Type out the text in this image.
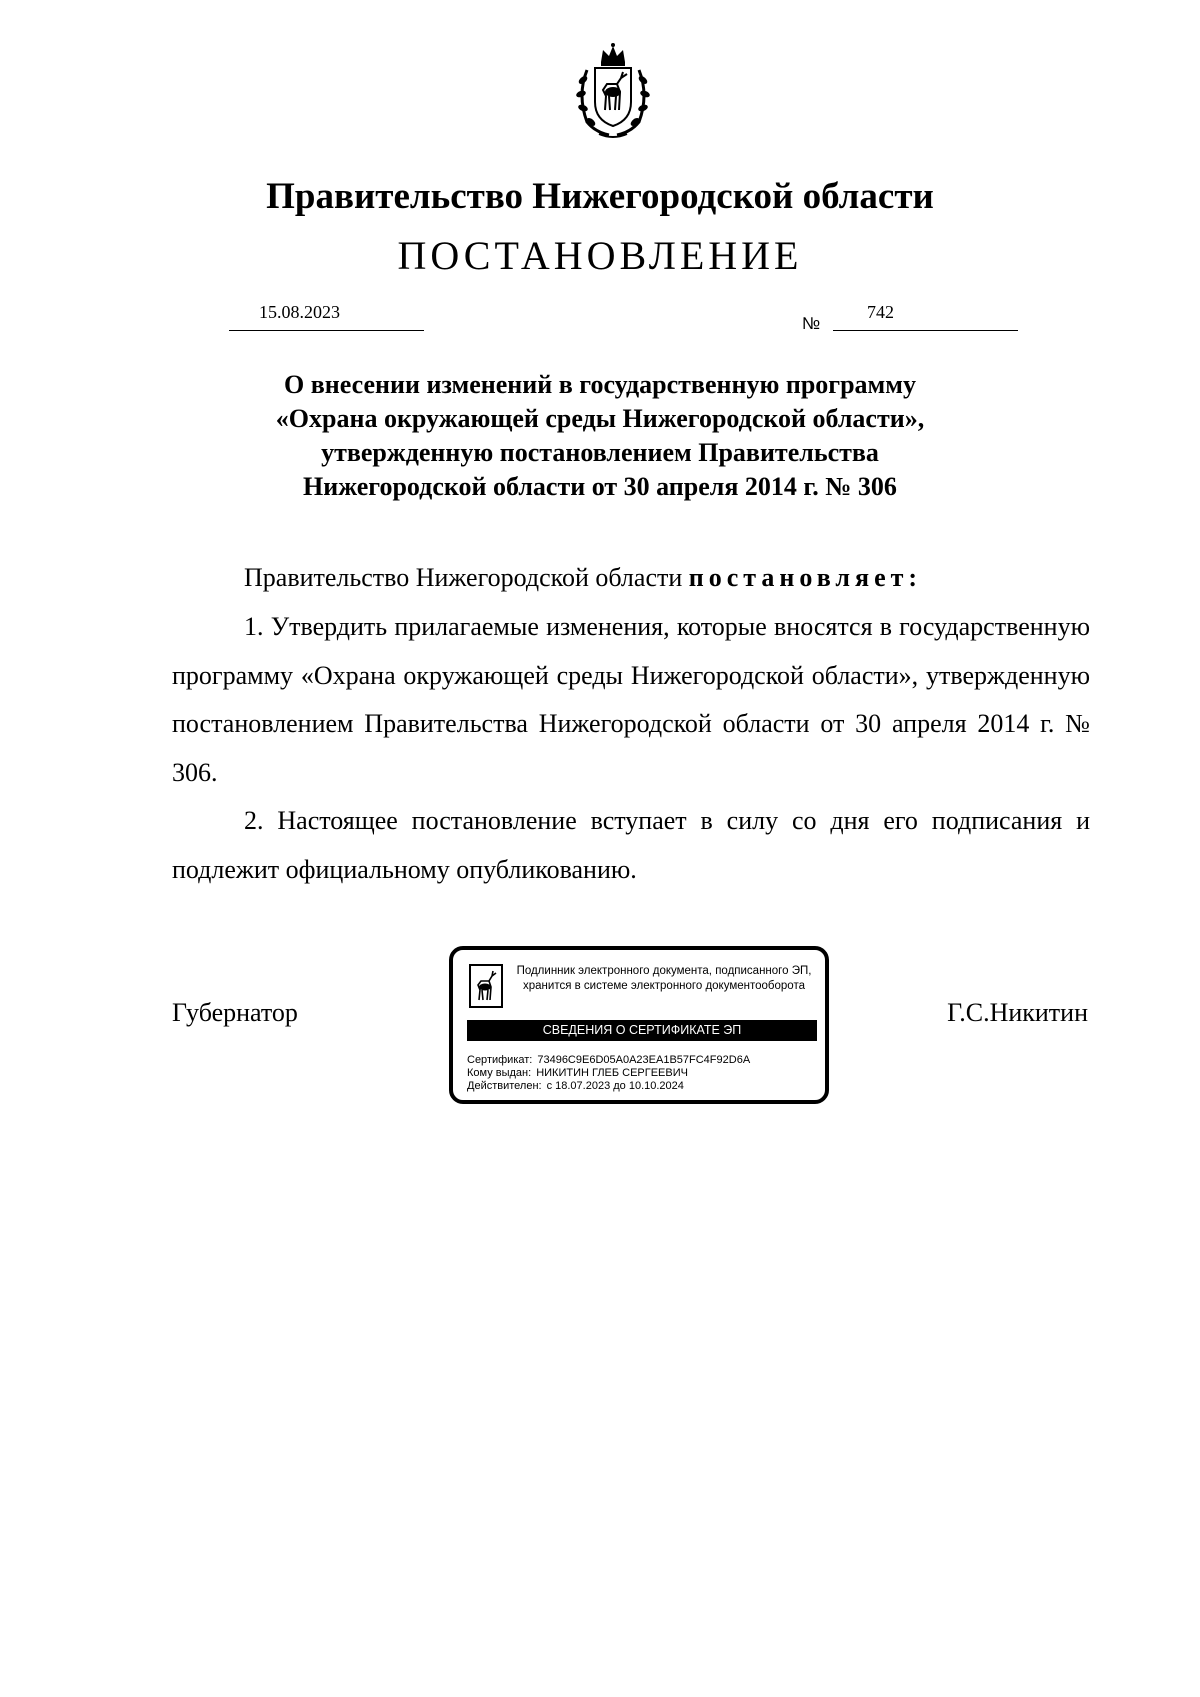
Правительство Нижегородской области
ПОСТАНОВЛЕНИЕ
15.08.2023
№
742
О внесении изменений в государственную программу
«Охрана окружающей среды Нижегородской области»,
утвержденную постановлением Правительства
Нижегородской области от 30 апреля 2014 г. № 306
Правительство Нижегородской области постановляет:
1. Утвердить прилагаемые изменения, которые вносятся в государственную программу «Охрана окружающей среды Нижегородской области», утвержденную постановлением Правительства Нижегородской области от 30 апреля 2014 г. № 306.
2. Настоящее постановление вступает в силу со дня его подписания и подлежит официальному опубликованию.
Губернатор	Г.С.Никитин
Подлинник электронного документа, подписанного ЭП,
хранится в системе электронного документооборота
СВЕДЕНИЯ О СЕРТИФИКАТЕ ЭП
Сертификат: 73496C9E6D05A0A23EA1B57FC4F92D6A
Кому выдан: НИКИТИН ГЛЕБ СЕРГЕЕВИЧ
Действителен: с 18.07.2023 до 10.10.2024
